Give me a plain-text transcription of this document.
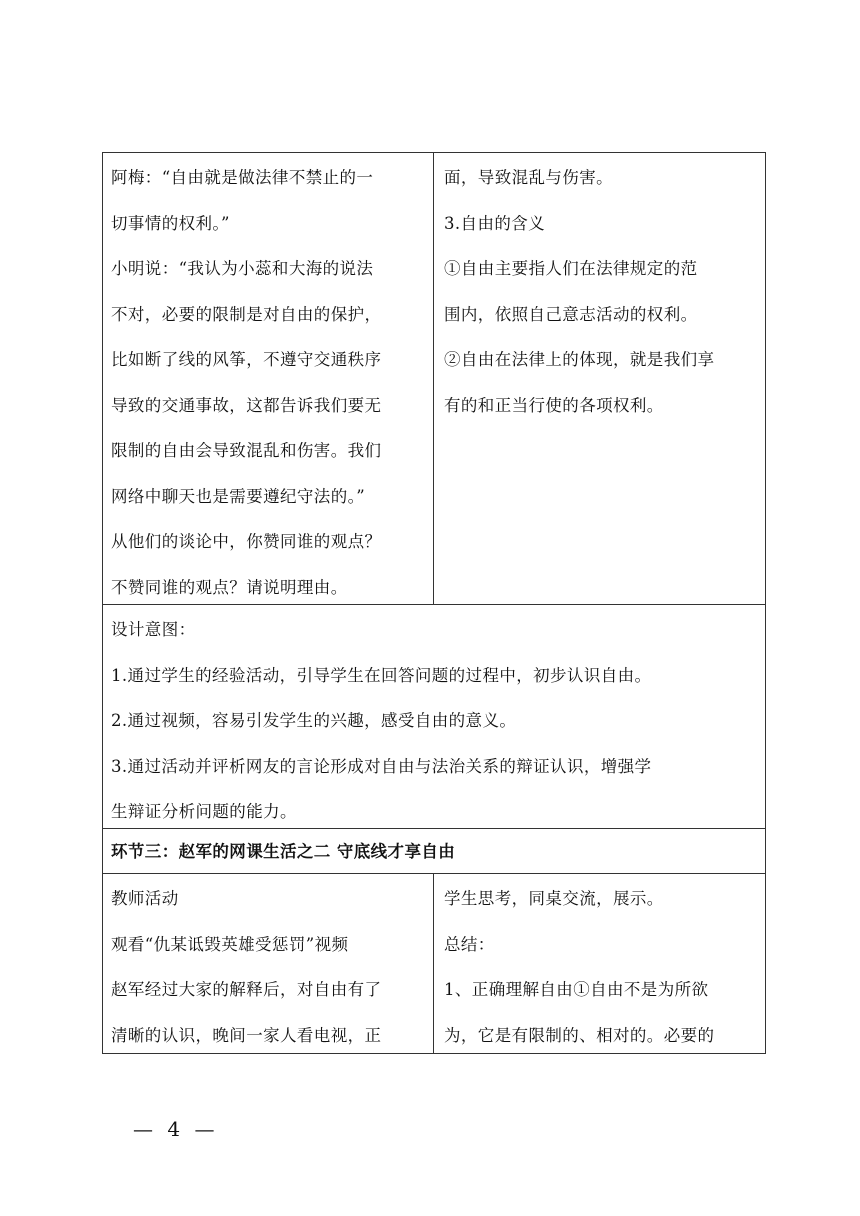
阿梅：“自由就是做法律不禁止的一
切事情的权利。”
小明说：“我认为小蕊和大海的说法
不对，必要的限制是对自由的保护，
比如断了线的风筝，不遵守交通秩序
导致的交通事故，这都告诉我们要无
限制的自由会导致混乱和伤害。我们
网络中聊天也是需要遵纪守法的。”
从他们的谈论中，你赞同谁的观点？
不赞同谁的观点？请说明理由。
面，导致混乱与伤害。
3.自由的含义
①自由主要指人们在法律规定的范
围内，依照自己意志活动的权利。
②自由在法律上的体现，就是我们享
有的和正当行使的各项权利。
设计意图：
1.通过学生的经验活动，引导学生在回答问题的过程中，初步认识自由。
2.通过视频，容易引发学生的兴趣，感受自由的意义。
3.通过活动并评析网友的言论形成对自由与法治关系的辩证认识，增强学
生辩证分析问题的能力。
环节三：赵军的网课生活之二 守底线才享自由
教师活动
观看“仇某诋毁英雄受惩罚”视频
赵军经过大家的解释后，对自由有了
清晰的认识，晚间一家人看电视，正
学生思考，同桌交流，展示。
总结：
1、正确理解自由①自由不是为所欲
为，它是有限制的、相对的。必要的
— 4 —
